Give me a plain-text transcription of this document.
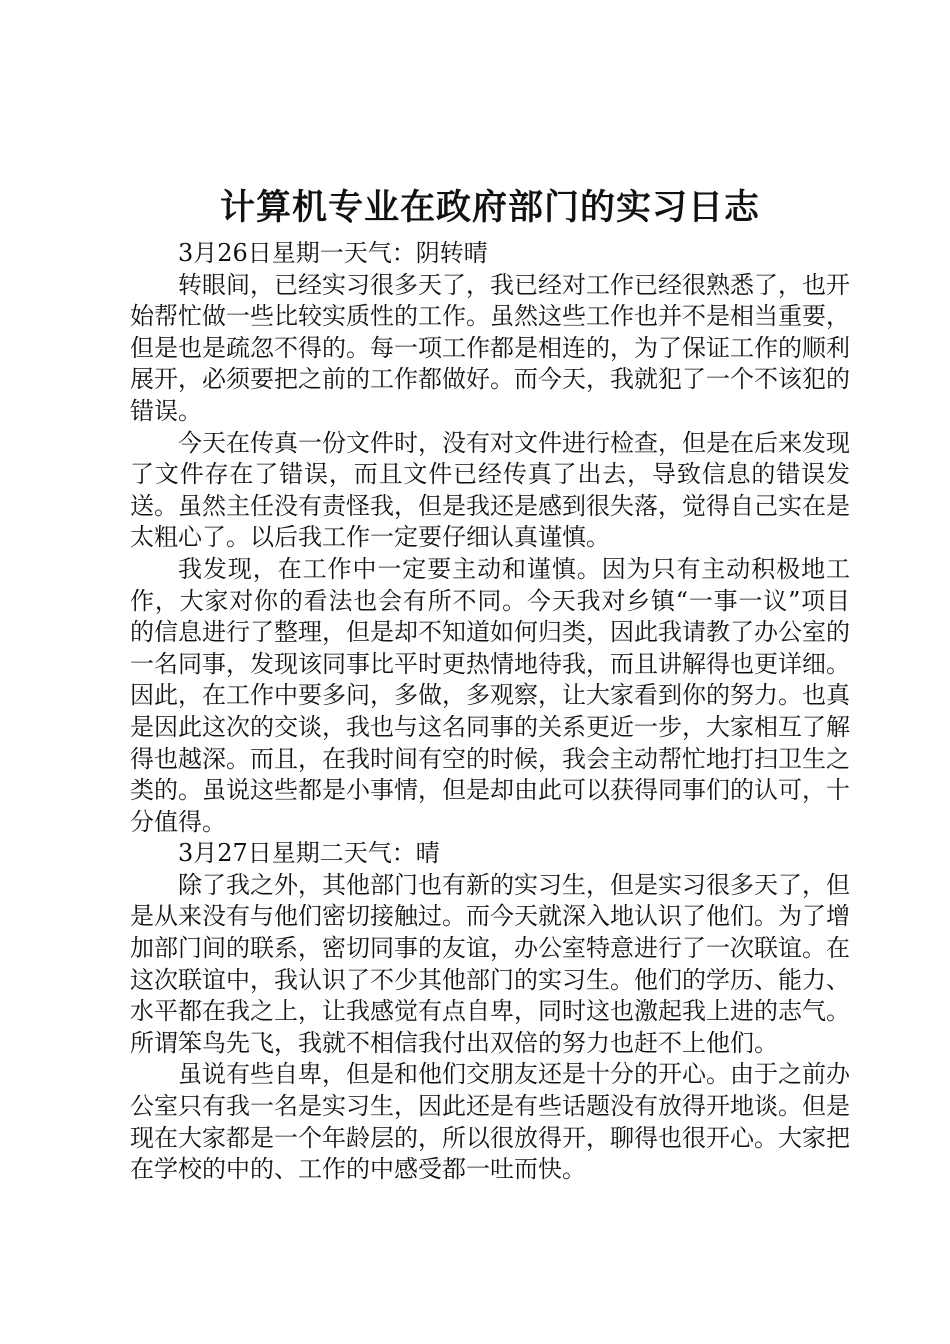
计算机专业在政府部门的实习日志

3月26日星期一天气：阴转晴

转眼间，已经实习很多天了，我已经对工作已经很熟悉了，也开始帮忙做一些比较实质性的工作。虽然这些工作也并不是相当重要，但是也是疏忽不得的。每一项工作都是相连的，为了保证工作的顺利展开，必须要把之前的工作都做好。而今天，我就犯了一个不该犯的错误。

今天在传真一份文件时，没有对文件进行检查，但是在后来发现了文件存在了错误，而且文件已经传真了出去，导致信息的错误发送。虽然主任没有责怪我，但是我还是感到很失落，觉得自己实在是太粗心了。以后我工作一定要仔细认真谨慎。

我发现，在工作中一定要主动和谨慎。因为只有主动积极地工作，大家对你的看法也会有所不同。今天我对乡镇“一事一议”项目的信息进行了整理，但是却不知道如何归类，因此我请教了办公室的一名同事，发现该同事比平时更热情地待我，而且讲解得也更详细。因此，在工作中要多问，多做，多观察，让大家看到你的努力。也真是因此这次的交谈，我也与这名同事的关系更近一步，大家相互了解得也越深。而且，在我时间有空的时候，我会主动帮忙地打扫卫生之类的。虽说这些都是小事情，但是却由此可以获得同事们的认可，十分值得。

3月27日星期二天气：晴

除了我之外，其他部门也有新的实习生，但是实习很多天了，但是从来没有与他们密切接触过。而今天就深入地认识了他们。为了增加部门间的联系，密切同事的友谊，办公室特意进行了一次联谊。在这次联谊中，我认识了不少其他部门的实习生。他们的学历、能力、水平都在我之上，让我感觉有点自卑，同时这也激起我上进的志气。所谓笨鸟先飞，我就不相信我付出双倍的努力也赶不上他们。

虽说有些自卑，但是和他们交朋友还是十分的开心。由于之前办公室只有我一名是实习生，因此还是有些话题没有放得开地谈。但是现在大家都是一个年龄层的，所以很放得开，聊得也很开心。大家把在学校的中的、工作的中感受都一吐而快。
